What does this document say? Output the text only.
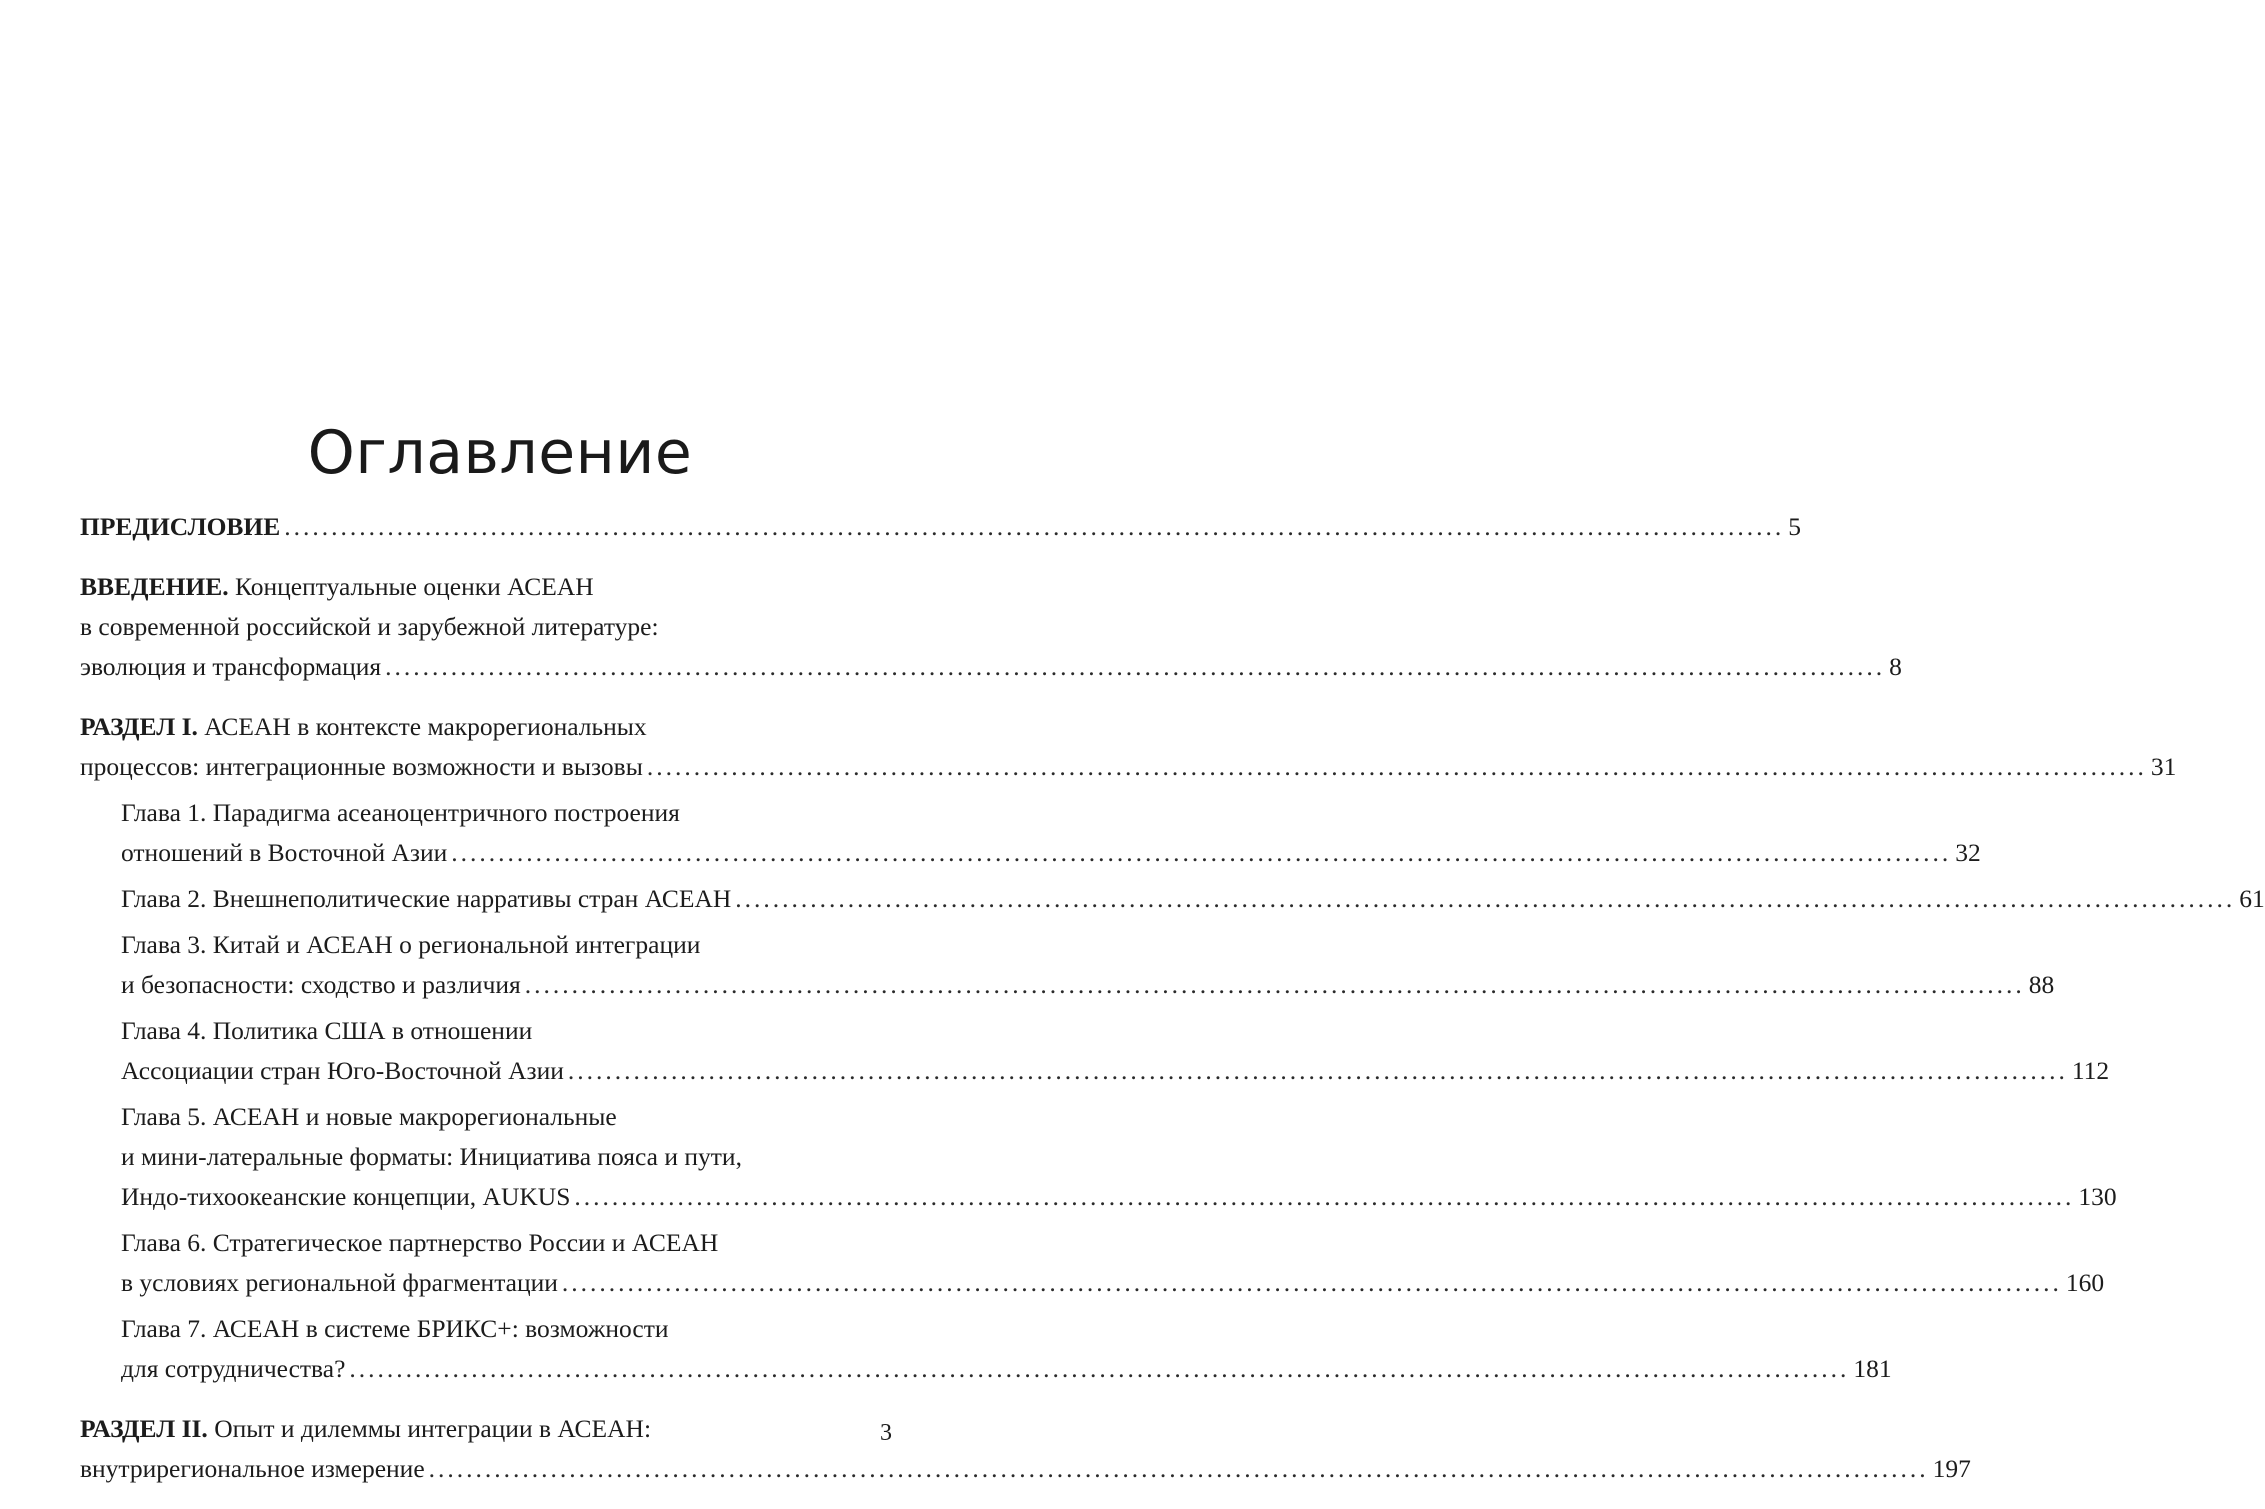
Оглавление
ПРЕДИСЛОВИЕ ................................................................................................................................................................ 5
ВВЕДЕНИЕ. Концептуальные оценки АСЕАН
в современной российской и зарубежной литературе:
эволюция и трансформация ................................................................................................................................................................ 8
РАЗДЕЛ I. АСЕАН в контексте макрорегиональных
процессов: интеграционные возможности и вызовы ................................................................................................................................................................ 31
Глава 1. Парадигма асеаноцентричного построения
отношений в Восточной Азии ................................................................................................................................................................ 32
Глава 2. Внешнеполитические нарративы стран АСЕАН ................................................................................................................................................................ 61
Глава 3. Китай и АСЕАН о региональной интеграции
и безопасности: сходство и различия ................................................................................................................................................................ 88
Глава 4. Политика США в отношении
Ассоциации стран Юго-Восточной Азии ................................................................................................................................................................ 112
Глава 5. АСЕАН и новые макрорегиональные
и мини-латеральные форматы: Инициатива пояса и пути,
Индо-тихоокеанские концепции, AUKUS ................................................................................................................................................................ 130
Глава 6. Стратегическое партнерство России и АСЕАН
в условиях региональной фрагментации ................................................................................................................................................................ 160
Глава 7. АСЕАН в системе БРИКС+: возможности
для сотрудничества? ................................................................................................................................................................ 181
РАЗДЕЛ II. Опыт и дилеммы интеграции в АСЕАН:
внутрирегиональное измерение ................................................................................................................................................................ 197
3
